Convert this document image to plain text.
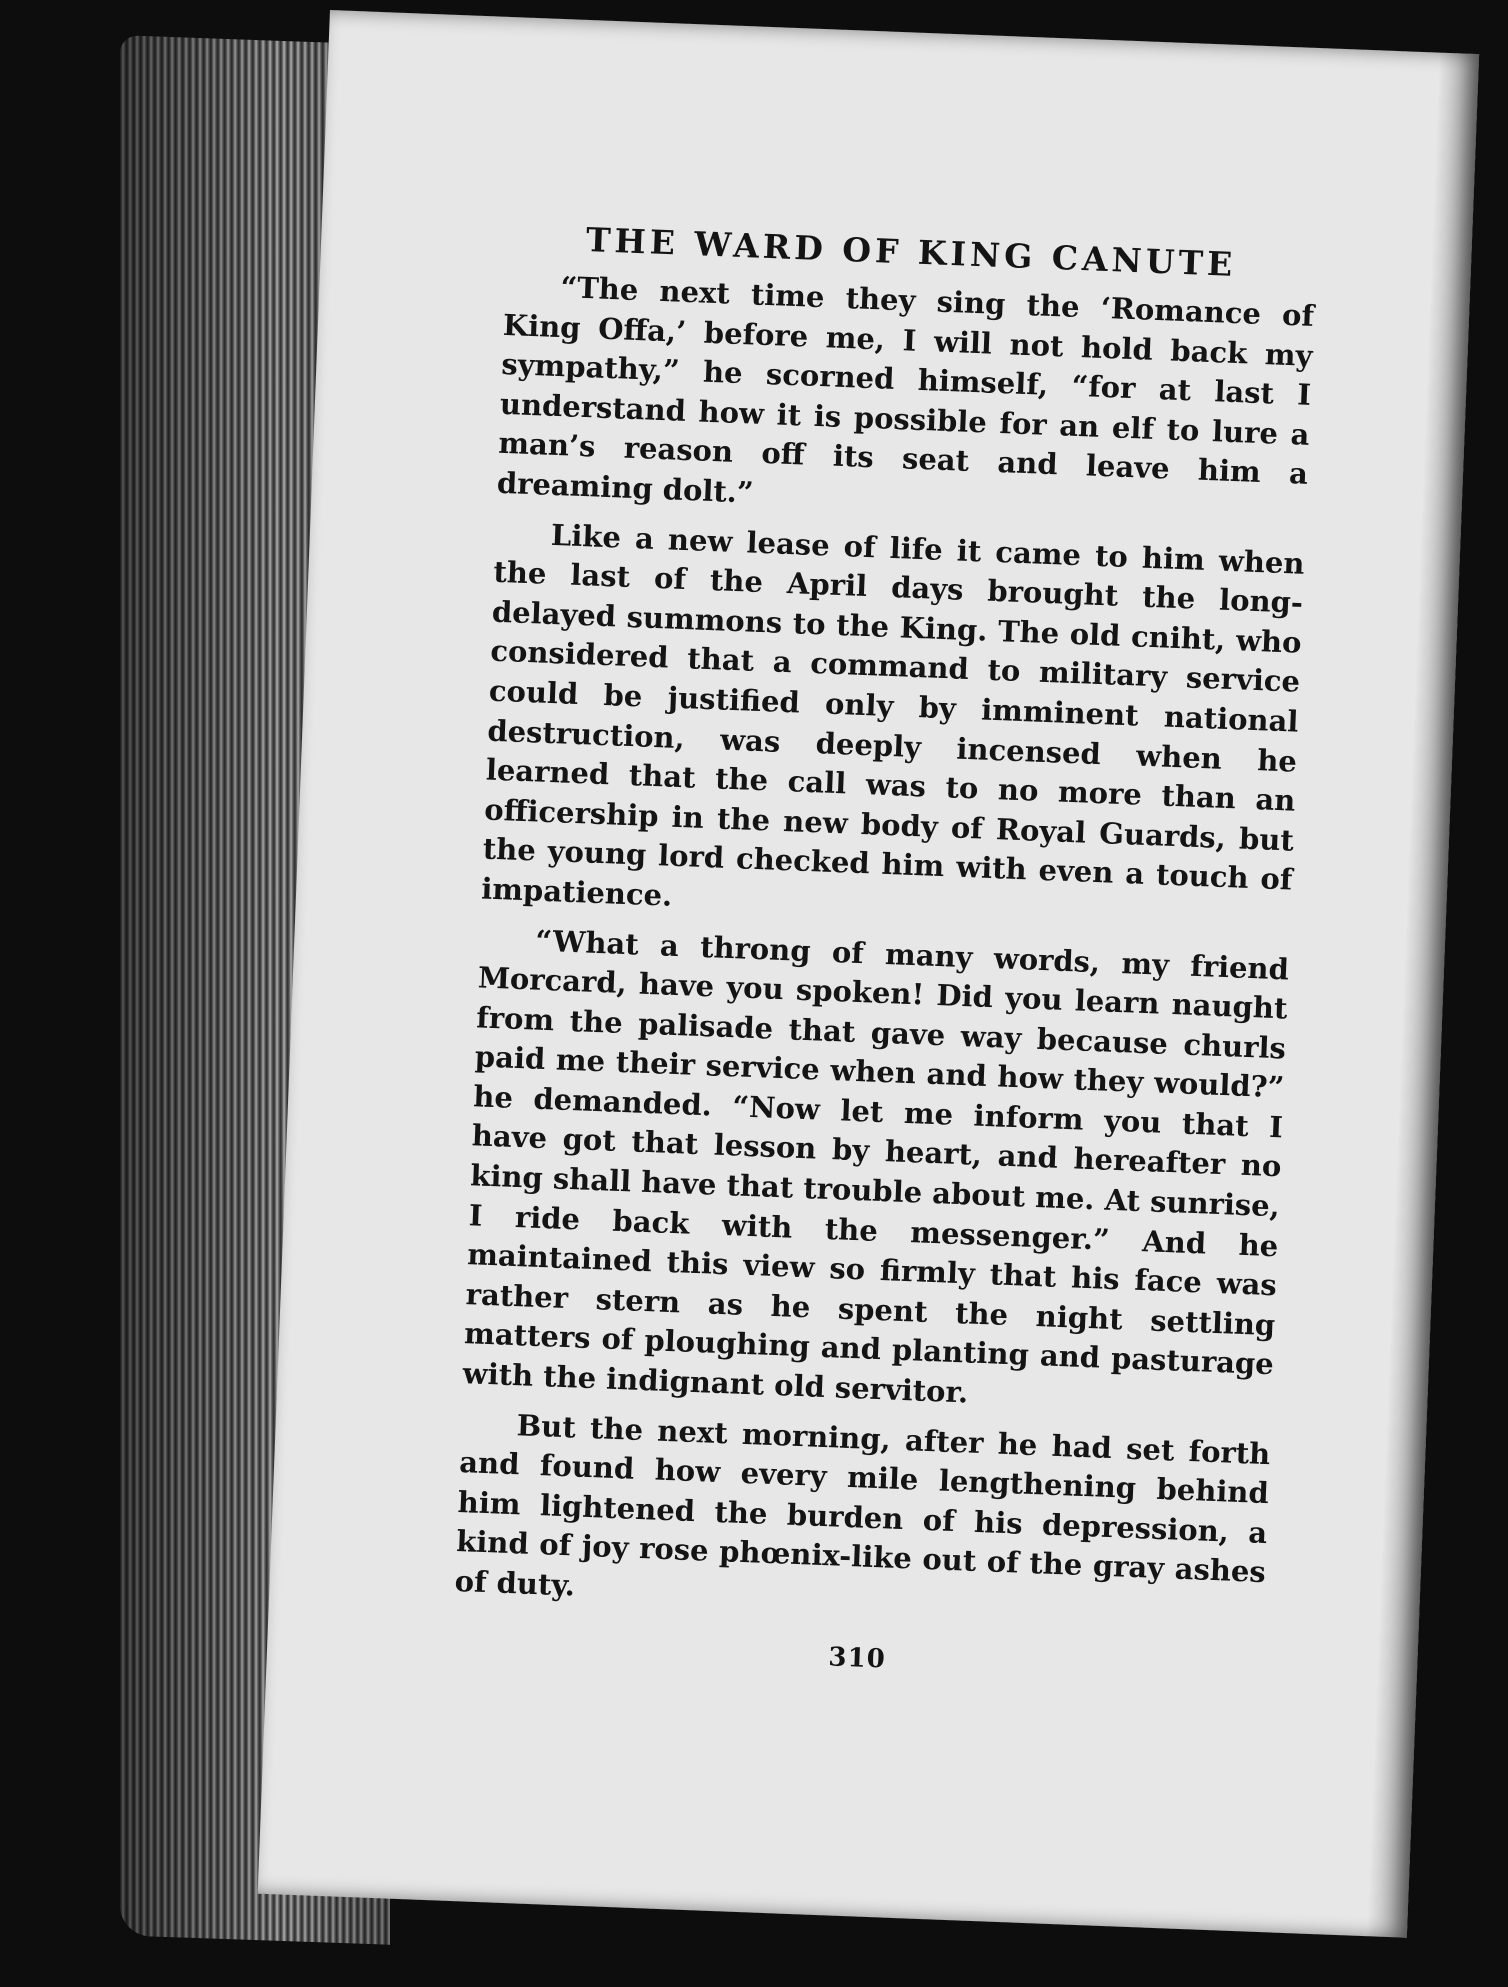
THE WARD OF KING CANUTE

“The next time they sing the ‘Romance of King Offa,’ before me, I will not hold back my sympathy,” he scorned himself, “for at last I understand how it is possible for an elf to lure a man’s reason off its seat and leave him a dreaming dolt.”

Like a new lease of life it came to him when the last of the April days brought the long-delayed summons to the King. The old cniht, who considered that a command to military service could be justified only by imminent national destruction, was deeply incensed when he learned that the call was to no more than an officership in the new body of Royal Guards, but the young lord checked him with even a touch of impatience.

“What a throng of many words, my friend Morcard, have you spoken! Did you learn naught from the palisade that gave way because churls paid me their service when and how they would?” he demanded. “Now let me inform you that I have got that lesson by heart, and hereafter no king shall have that trouble about me. At sunrise, I ride back with the messenger.” And he maintained this view so firmly that his face was rather stern as he spent the night settling matters of ploughing and planting and pasturage with the indignant old servitor.

But the next morning, after he had set forth and found how every mile lengthening behind him lightened the burden of his depression, a kind of joy rose phœnix-like out of the gray ashes of duty.

310
